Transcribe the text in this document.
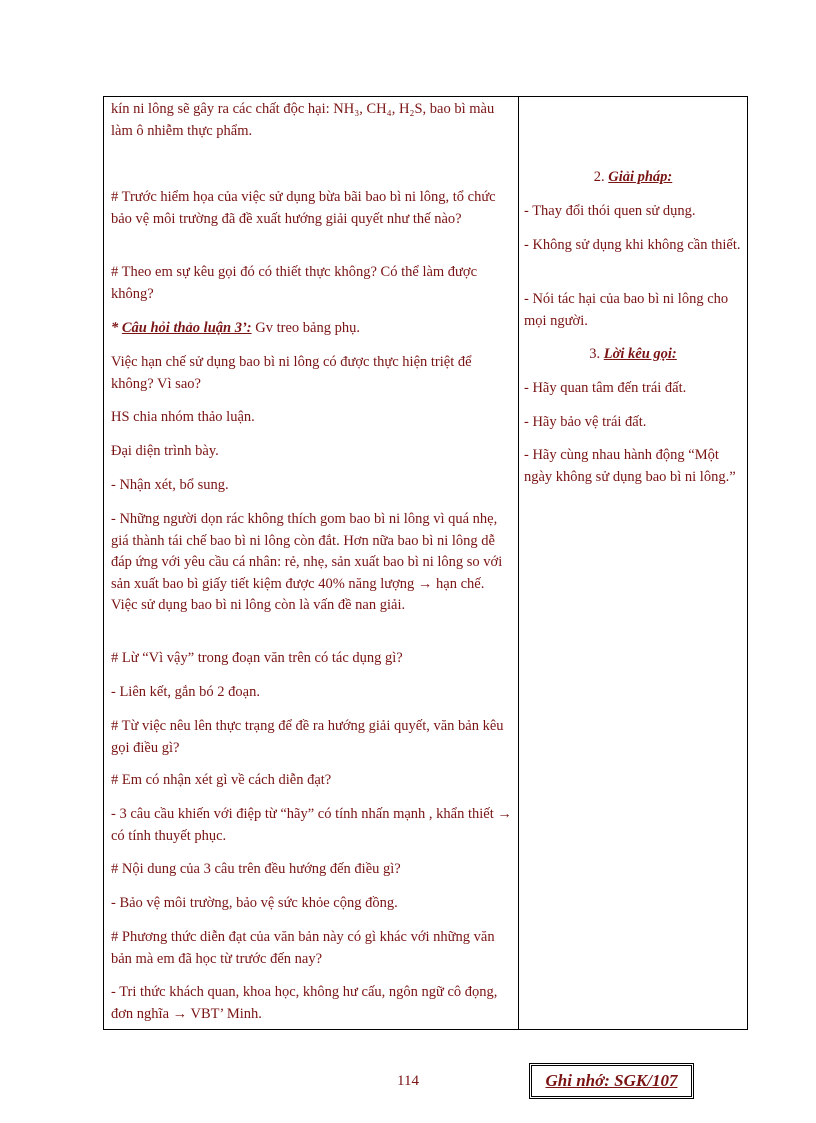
kín ni lông sẽ gây ra các chất độc hại: NH₃, CH₄, H₂S, bao bì màu làm ô nhiễm thực phẩm.

# Trước hiểm họa của việc sử dụng bừa bãi bao bì ni lông, tổ chức bảo vệ môi trường đã đề xuất hướng giải quyết như thế nào?

# Theo em sự kêu gọi đó có thiết thực không? Có thể làm được không?

* Câu hỏi thảo luận 3’: Gv treo bảng phụ.

Việc hạn chế sử dụng bao bì ni lông có được thực hiện triệt để không? Vì sao?

HS chia nhóm thảo luận.

Đại diện trình bày.

- Nhận xét, bổ sung.

- Những người dọn rác không thích gom bao bì ni lông vì quá nhẹ, giá thành tái chế bao bì ni lông còn đắt. Hơn nữa bao bì ni lông dễ đáp ứng với yêu cầu cá nhân: rẻ, nhẹ, sản xuất bao bì ni lông so với sản xuất bao bì giấy tiết kiệm được 40% năng lượng → hạn chế. Việc sử dụng bao bì ni lông còn là vấn đề nan giải.

# Lừ “Vì vậy” trong đoạn văn trên có tác dụng gì?

- Liên kết, gắn bó 2 đoạn.

# Từ việc nêu lên thực trạng để đề ra hướng giải quyết, văn bản kêu gọi điều gì?

# Em có nhận xét gì về cách diễn đạt?

- 3 câu cầu khiến với điệp từ “hãy” có tính nhấn mạnh , khẩn thiết → có tính thuyết phục.

# Nội dung của 3 câu trên đều hướng đến điều gì?

- Bảo vệ môi trường, bảo vệ sức khỏe cộng đồng.

# Phương thức diễn đạt của văn bản này có gì khác với những văn bản mà em đã học từ trước đến nay?

- Tri thức khách quan, khoa học, không hư cấu, ngôn ngữ cô đọng, đơn nghĩa → VBT’ Minh.

2. Giải pháp:

- Thay đổi thói quen sử dụng.

- Không sử dụng khi không cần thiết.

- Nói tác hại của bao bì ni lông cho mọi người.

3. Lời kêu gọi:

- Hãy quan tâm đến trái đất.

- Hãy bảo vệ trái đất.

- Hãy cùng nhau hành động “Một ngày không sử dụng bao bì ni lông.”

114	Ghi nhớ: SGK/107
